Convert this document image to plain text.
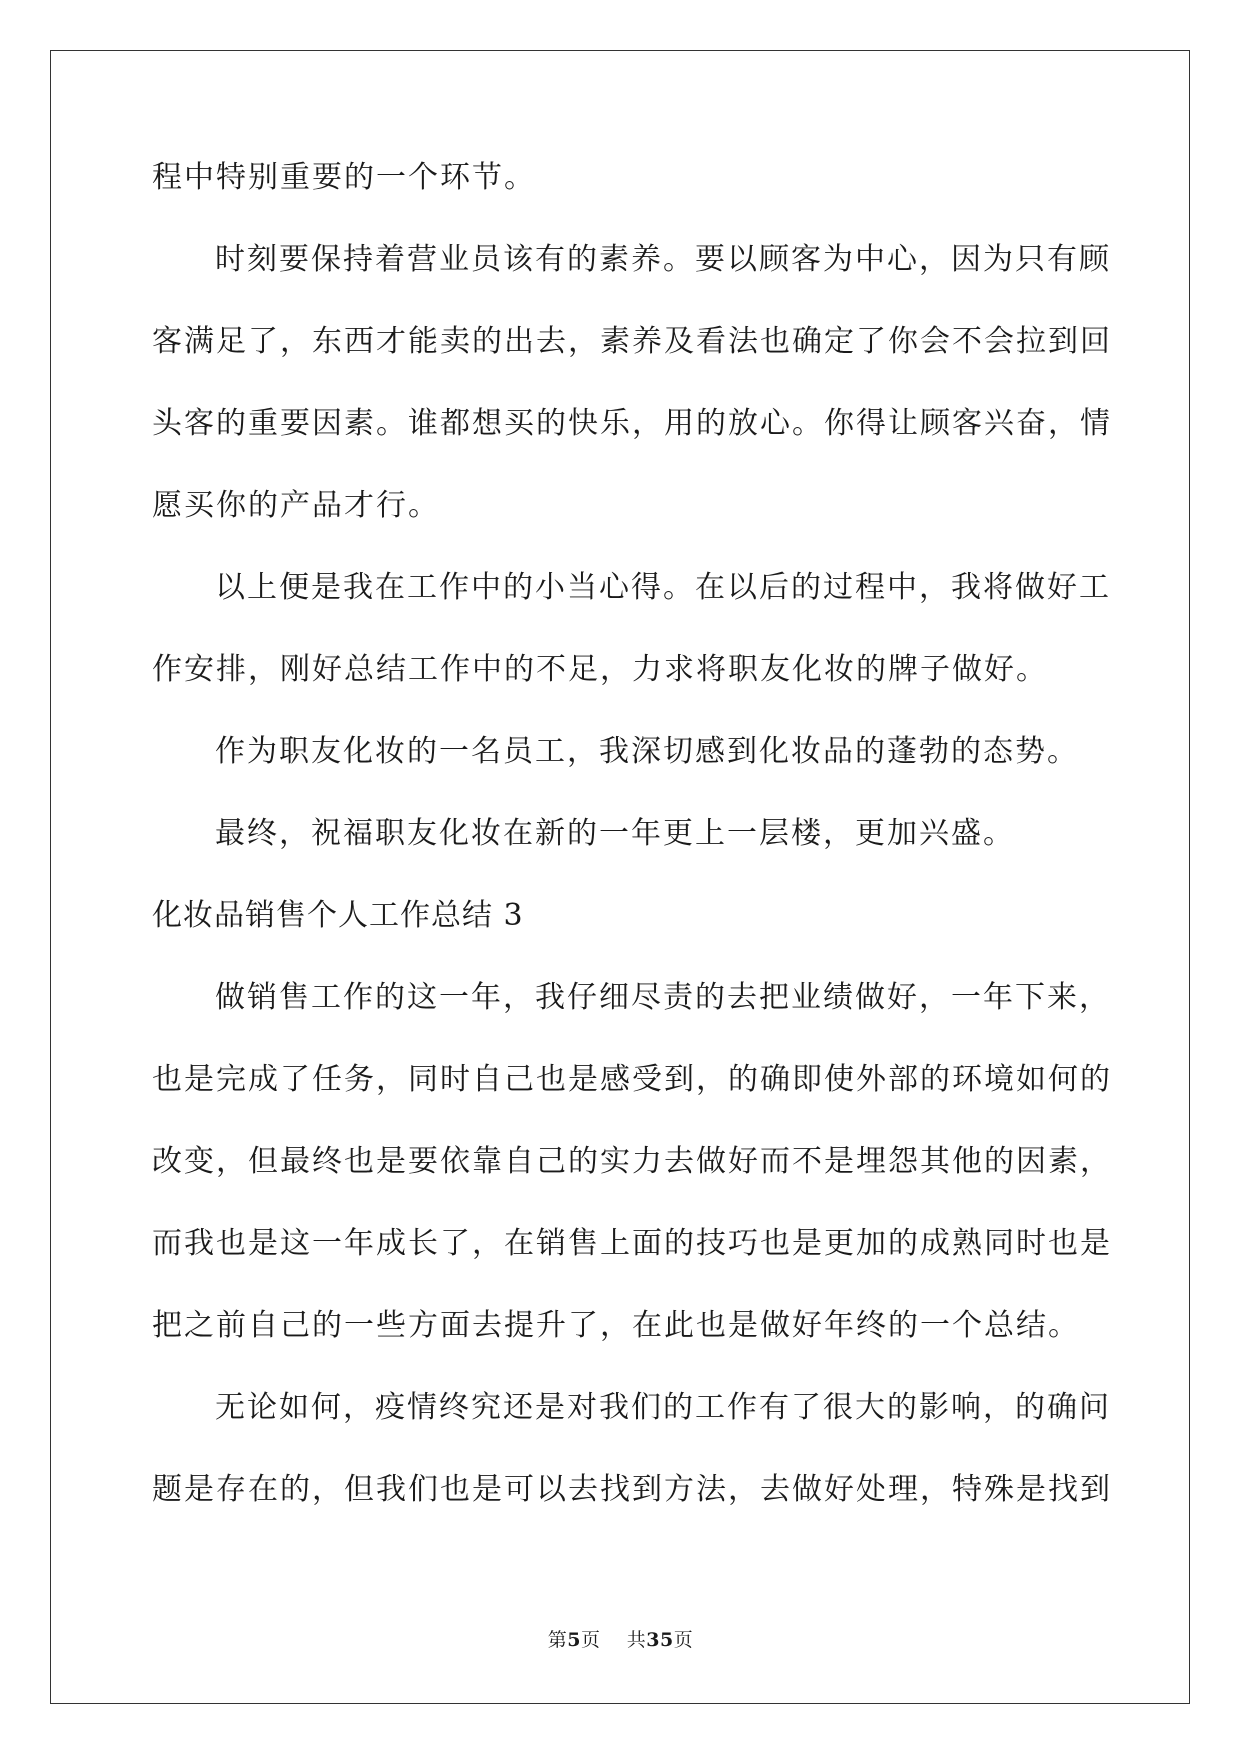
程中特别重要的一个环节。
时刻要保持着营业员该有的素养。要以顾客为中心，因为只有顾
客满足了，东西才能卖的出去，素养及看法也确定了你会不会拉到回
头客的重要因素。谁都想买的快乐，用的放心。你得让顾客兴奋，情
愿买你的产品才行。
以上便是我在工作中的小当心得。在以后的过程中，我将做好工
作安排，刚好总结工作中的不足，力求将职友化妆的牌子做好。
作为职友化妆的一名员工，我深切感到化妆品的蓬勃的态势。
最终，祝福职友化妆在新的一年更上一层楼，更加兴盛。
化妆品销售个人工作总结 3
做销售工作的这一年，我仔细尽责的去把业绩做好，一年下来，
也是完成了任务，同时自己也是感受到，的确即使外部的环境如何的
改变，但最终也是要依靠自己的实力去做好而不是埋怨其他的因素，
而我也是这一年成长了，在销售上面的技巧也是更加的成熟同时也是
把之前自己的一些方面去提升了，在此也是做好年终的一个总结。
无论如何，疫情终究还是对我们的工作有了很大的影响，的确问
题是存在的，但我们也是可以去找到方法，去做好处理，特殊是找到
第5页 共35页
